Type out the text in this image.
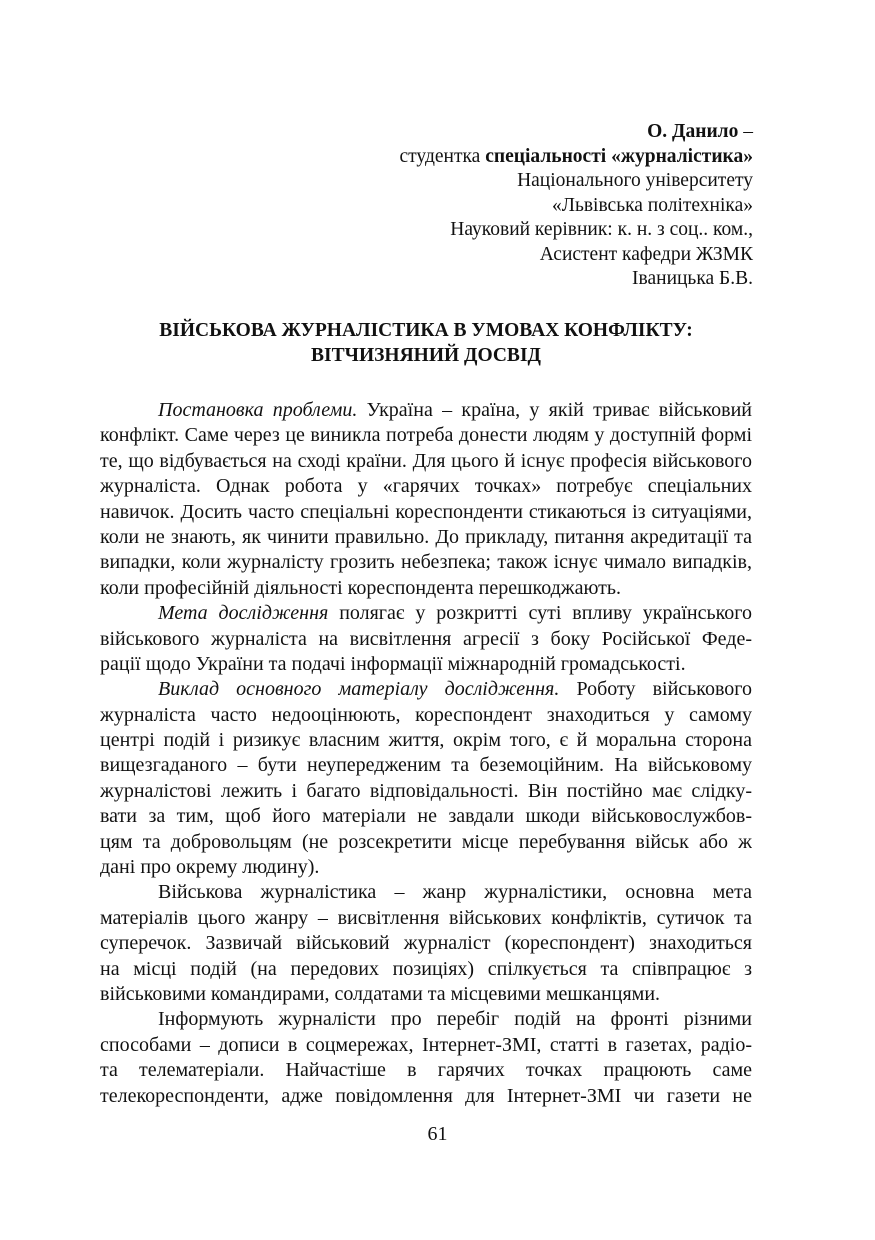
О. Данило –
студентка спеціальності «журналістика»
Національного університету
«Львівська політехніка»
Науковий керівник: к. н. з соц.. ком.,
Асистент кафедри ЖЗМК
Іваницька Б.В.
ВІЙСЬКОВА ЖУРНАЛІСТИКА В УМОВАХ КОНФЛІКТУ:
ВІТЧИЗНЯНИЙ ДОСВІД
Постановка проблеми. Україна – країна, у якій триває військовий
конфлікт. Саме через це виникла потреба донести людям у доступній формі
те, що відбувається на сході країни. Для цього й існує професія військового
журналіста. Однак робота у «гарячих точках» потребує спеціальних
навичок. Досить часто спеціальні кореспонденти стикаються із ситуаціями,
коли не знають, як чинити правильно. До прикладу, питання акредитації та
випадки, коли журналісту грозить небезпека; також існує чимало випадків,
коли професійній діяльності кореспондента перешкоджають.
Мета дослідження полягає у розкритті суті впливу українського
військового журналіста на висвітлення агресії з боку Російської Феде-
рації щодо України та подачі інформації міжнародній громадськості.
Виклад основного матеріалу дослідження. Роботу військового
журналіста часто недооцінюють, кореспондент знаходиться у самому
центрі подій і ризикує власним життя, окрім того, є й моральна сторона
вищезгаданого – бути неупередженим та беземоційним. На військовому
журналістові лежить і багато відповідальності. Він постійно має слідку-
вати за тим, щоб його матеріали не завдали шкоди військовослужбов-
цям та добровольцям (не розсекретити місце перебування військ або ж
дані про окрему людину).
Військова журналістика – жанр журналістики, основна мета
матеріалів цього жанру – висвітлення військових конфліктів, сутичок та
суперечок. Зазвичай військовий журналіст (кореспондент) знаходиться
на місці подій (на передових позиціях) спілкується та співпрацює з
військовими командирами, солдатами та місцевими мешканцями.
Інформують журналісти про перебіг подій на фронті різними
способами – дописи в соцмережах, Інтернет-ЗМІ, статті в газетах, радіо-
та телематеріали. Найчастіше в гарячих точках працюють саме
телекореспонденти, адже повідомлення для Інтернет-ЗМІ чи газети не
61
